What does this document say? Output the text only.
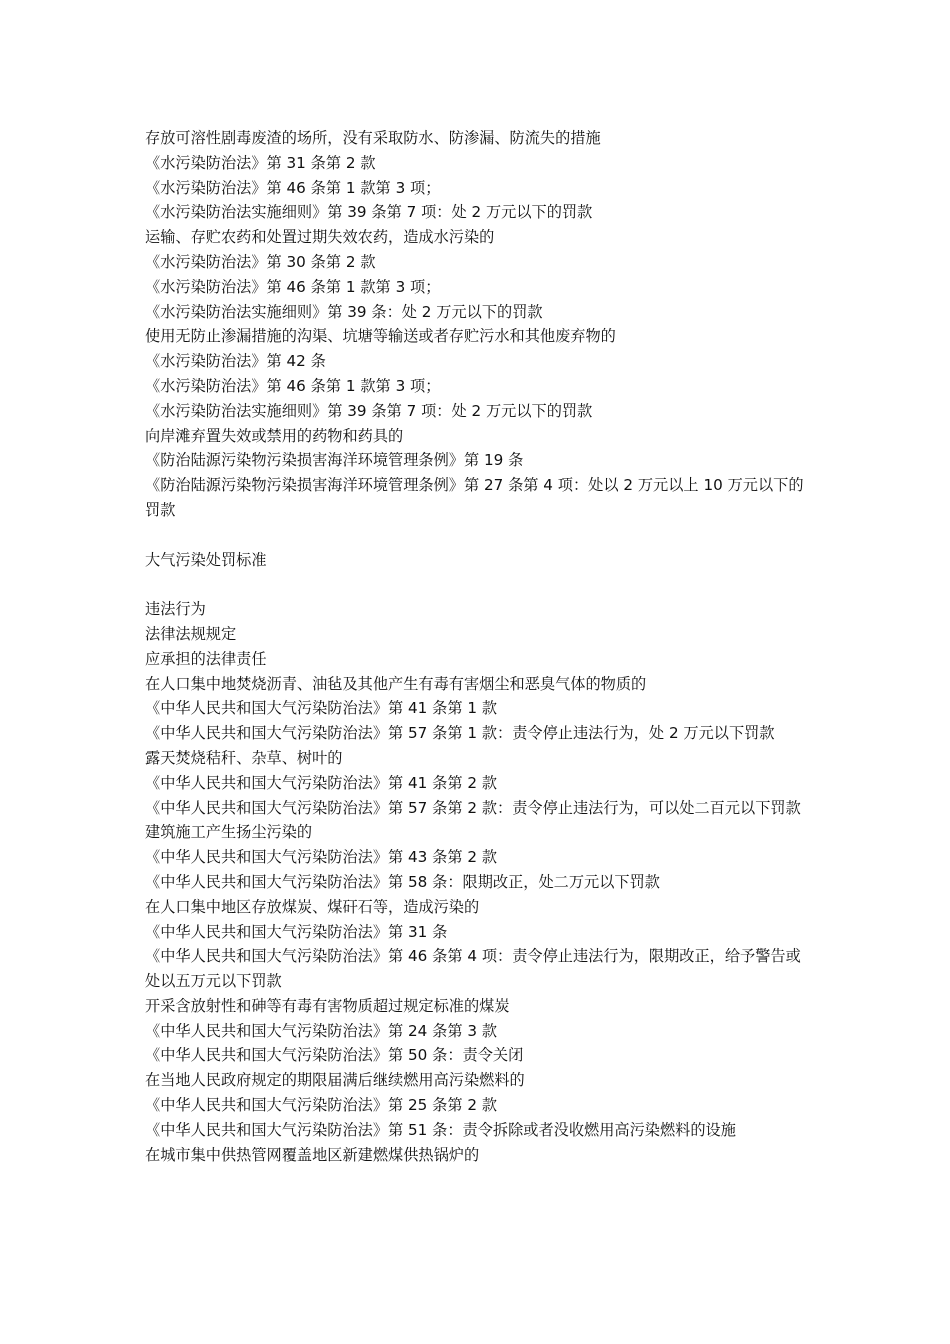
存放可溶性剧毒废渣的场所，没有采取防水、防渗漏、防流失的措施
《水污染防治法》第 31 条第 2 款
《水污染防治法》第 46 条第 1 款第 3 项；
《水污染防治法实施细则》第 39 条第 7 项：处 2 万元以下的罚款
运输、存贮农药和处置过期失效农药，造成水污染的
《水污染防治法》第 30 条第 2 款
《水污染防治法》第 46 条第 1 款第 3 项；
《水污染防治法实施细则》第 39 条：处 2 万元以下的罚款
使用无防止渗漏措施的沟渠、坑塘等输送或者存贮污水和其他废弃物的
《水污染防治法》第 42 条
《水污染防治法》第 46 条第 1 款第 3 项；
《水污染防治法实施细则》第 39 条第 7 项：处 2 万元以下的罚款
向岸滩弃置失效或禁用的药物和药具的
《防治陆源污染物污染损害海洋环境管理条例》第 19 条
《防治陆源污染物污染损害海洋环境管理条例》第 27 条第 4 项：处以 2 万元以上 10 万元以下的罚款
大气污染处罚标准
违法行为
法律法规规定
应承担的法律责任
在人口集中地焚烧沥青、油毡及其他产生有毒有害烟尘和恶臭气体的物质的
《中华人民共和国大气污染防治法》第 41 条第 1 款
《中华人民共和国大气污染防治法》第 57 条第 1 款：责令停止违法行为，处 2 万元以下罚款
露天焚烧秸秆、杂草、树叶的
《中华人民共和国大气污染防治法》第 41 条第 2 款
《中华人民共和国大气污染防治法》第 57 条第 2 款：责令停止违法行为，可以处二百元以下罚款
建筑施工产生扬尘污染的
《中华人民共和国大气污染防治法》第 43 条第 2 款
《中华人民共和国大气污染防治法》第 58 条：限期改正，处二万元以下罚款
在人口集中地区存放煤炭、煤矸石等，造成污染的
《中华人民共和国大气污染防治法》第 31 条
《中华人民共和国大气污染防治法》第 46 条第 4 项：责令停止违法行为，限期改正，给予警告或处以五万元以下罚款
开采含放射性和砷等有毒有害物质超过规定标准的煤炭
《中华人民共和国大气污染防治法》第 24 条第 3 款
《中华人民共和国大气污染防治法》第 50 条：责令关闭
在当地人民政府规定的期限届满后继续燃用高污染燃料的
《中华人民共和国大气污染防治法》第 25 条第 2 款
《中华人民共和国大气污染防治法》第 51 条：责令拆除或者没收燃用高污染燃料的设施
在城市集中供热管网覆盖地区新建燃煤供热锅炉的
